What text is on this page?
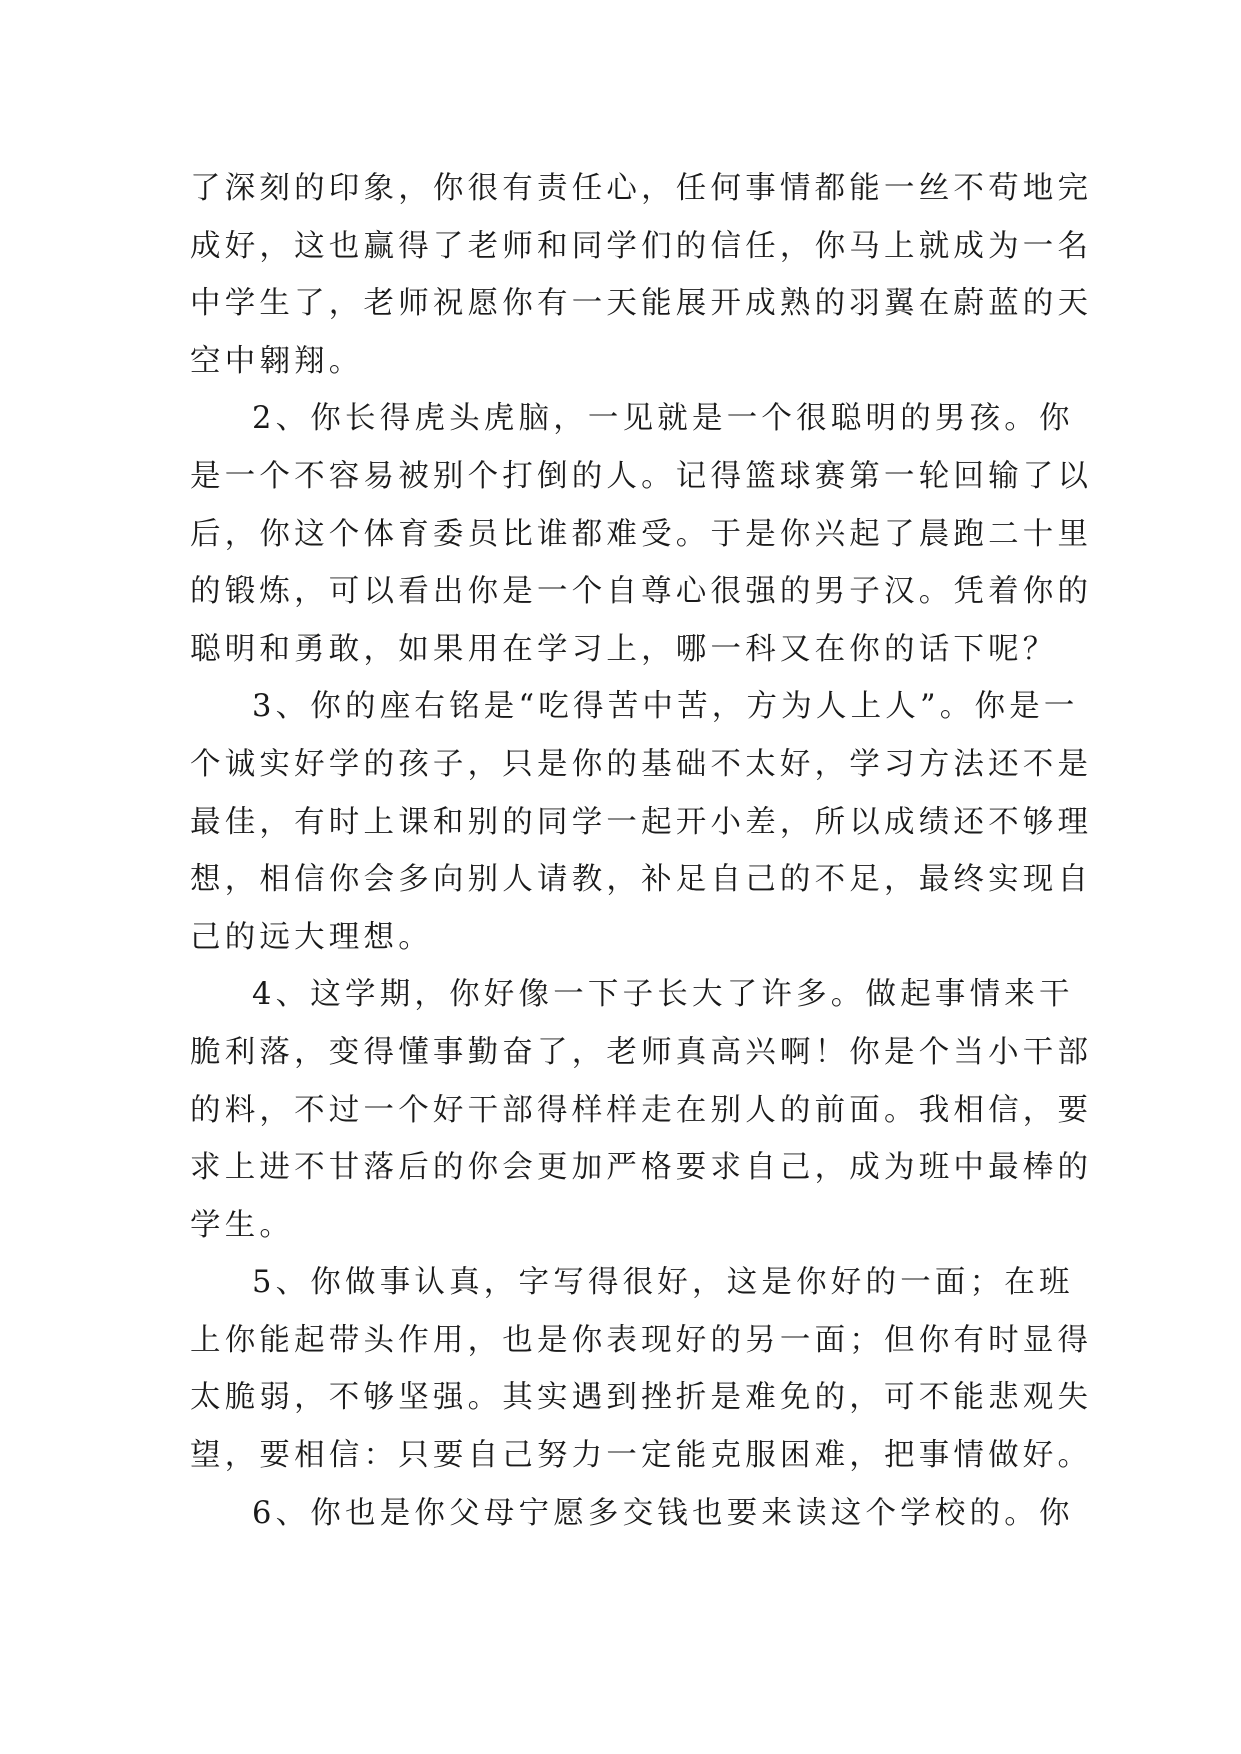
了深刻的印象，你很有责任心，任何事情都能一丝不苟地完
成好，这也赢得了老师和同学们的信任，你马上就成为一名
中学生了，老师祝愿你有一天能展开成熟的羽翼在蔚蓝的天
空中翱翔。
2、你长得虎头虎脑，一见就是一个很聪明的男孩。你
是一个不容易被别个打倒的人。记得篮球赛第一轮回输了以
后，你这个体育委员比谁都难受。于是你兴起了晨跑二十里
的锻炼，可以看出你是一个自尊心很强的男子汉。凭着你的
聪明和勇敢，如果用在学习上，哪一科又在你的话下呢？
3、你的座右铭是“吃得苦中苦，方为人上人”。你是一
个诚实好学的孩子，只是你的基础不太好，学习方法还不是
最佳，有时上课和别的同学一起开小差，所以成绩还不够理
想，相信你会多向别人请教，补足自己的不足，最终实现自
己的远大理想。
4、这学期，你好像一下子长大了许多。做起事情来干
脆利落，变得懂事勤奋了，老师真高兴啊！你是个当小干部
的料，不过一个好干部得样样走在别人的前面。我相信，要
求上进不甘落后的你会更加严格要求自己，成为班中最棒的
学生。
5、你做事认真，字写得很好，这是你好的一面；在班
上你能起带头作用，也是你表现好的另一面；但你有时显得
太脆弱，不够坚强。其实遇到挫折是难免的，可不能悲观失
望，要相信：只要自己努力一定能克服困难，把事情做好。
6、你也是你父母宁愿多交钱也要来读这个学校的。你
